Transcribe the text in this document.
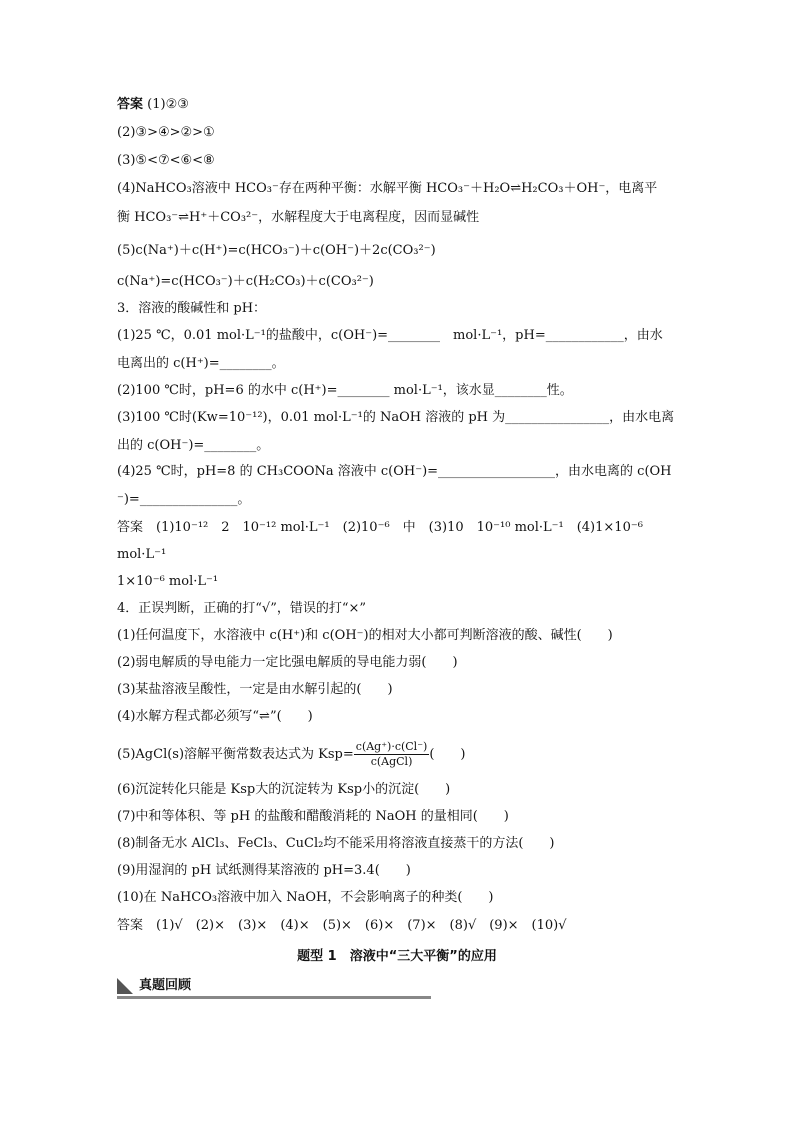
答案 (1)②③
(2)③>④>②>①
(3)⑤<⑦<⑥<⑧
(4)NaHCO₃溶液中 HCO₃⁻存在两种平衡：水解平衡 HCO₃⁻＋H₂O⇌H₂CO₃＋OH⁻，电离平
衡 HCO₃⁻⇌H⁺＋CO₃²⁻，水解程度大于电离程度，因而显碱性
(5)c(Na⁺)＋c(H⁺)=c(HCO₃⁻)＋c(OH⁻)＋2c(CO₃²⁻)
c(Na⁺)=c(HCO₃⁻)＋c(H₂CO₃)＋c(CO₃²⁻)
3．溶液的酸碱性和 pH：
(1)25 ℃，0.01 mol·L⁻¹的盐酸中，c(OH⁻)=________　mol·L⁻¹，pH=____________，由水
电离出的 c(H⁺)=________。
(2)100 ℃时，pH=6 的水中 c(H⁺)=________ mol·L⁻¹，该水显________性。
(3)100 ℃时(Kw=10⁻¹²)，0.01 mol·L⁻¹的 NaOH 溶液的 pH 为________________，由水电离
出的 c(OH⁻)=________。
(4)25 ℃时，pH=8 的 CH₃COONa 溶液中 c(OH⁻)=__________________，由水电离的 c(OH
⁻)=_______________。
答案　(1)10⁻¹²　2　10⁻¹² mol·L⁻¹　(2)10⁻⁶　中　(3)10　10⁻¹⁰ mol·L⁻¹　(4)1×10⁻⁶
mol·L⁻¹
1×10⁻⁶ mol·L⁻¹
4．正误判断，正确的打“√”，错误的打“×”
(1)任何温度下，水溶液中 c(H⁺)和 c(OH⁻)的相对大小都可判断溶液的酸、碱性(　　)
(2)弱电解质的导电能力一定比强电解质的导电能力弱(　　)
(3)某盐溶液呈酸性，一定是由水解引起的(　　)
(4)水解方程式都必须写“⇌”(　　)
(5)AgCl(s)溶解平衡常数表达式为 $Ksp= \frac{c(Ag^+)\cdot c(Cl^-)}{\text{c(AgCl)}}$ (　　)
(6)沉淀转化只能是 Ksp大的沉淀转为 Ksp小的沉淀(　　)
(7)中和等体积、等 pH 的盐酸和醋酸消耗的 NaOH 的量相同(　　)
(8)制备无水 AlCl₃、FeCl₃、CuCl₂均不能采用将溶液直接蒸干的方法(　　)
(9)用湿润的 pH 试纸测得某溶液的 pH=3.4(　　)
(10)在 NaHCO₃溶液中加入 NaOH，不会影响离子的种类(　　)
答案　(1)√　(2)×　(3)×　(4)×　(5)×　(6)×　(7)×　(8)√　(9)×　(10)√
题型 1　溶液中“三大平衡”的应用
真题回顾
